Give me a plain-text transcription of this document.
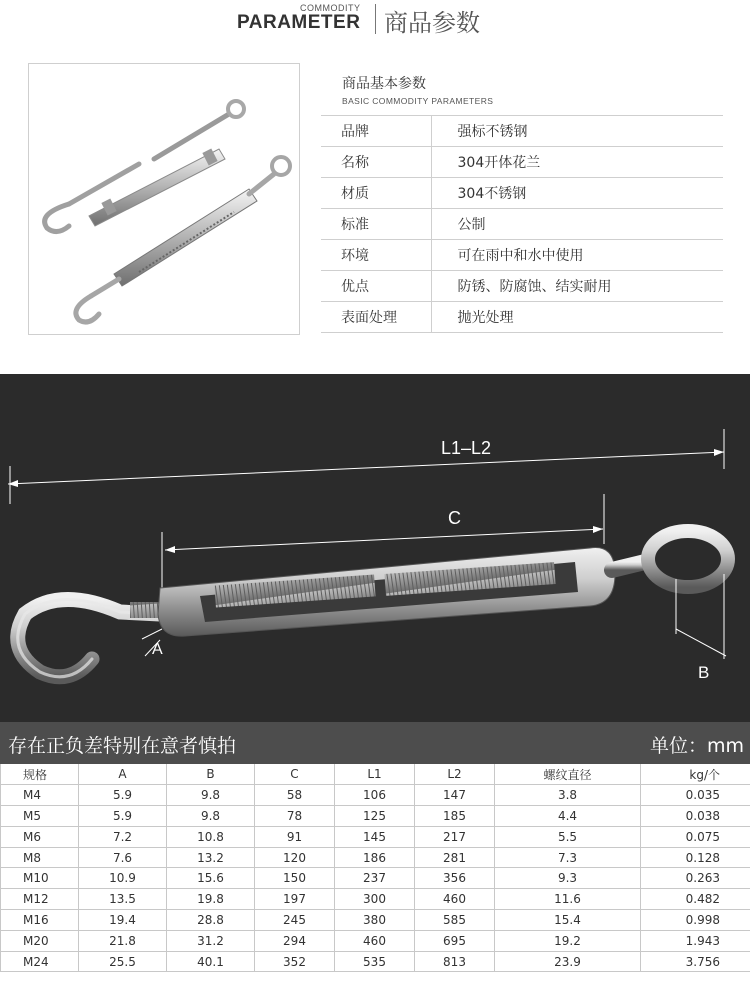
COMMODITY
PARAMETER 商品参数
商品基本参数
BASIC COMMODITY PARAMETERS
品牌	强标不锈钢
名称	304开体花兰
材质	304不锈钢
标准	公制
环境	可在雨中和水中使用
优点	防锈、防腐蚀、结实耐用
表面处理	抛光处理
L1–L2
C
A
B
存在正负差特别在意者慎拍	单位：mm
规格	A	B	C	L1	L2	螺纹直径	kg/个
M4	5.9	9.8	58	106	147	3.8	0.035
M5	5.9	9.8	78	125	185	4.4	0.038
M6	7.2	10.8	91	145	217	5.5	0.075
M8	7.6	13.2	120	186	281	7.3	0.128
M10	10.9	15.6	150	237	356	9.3	0.263
M12	13.5	19.8	197	300	460	11.6	0.482
M16	19.4	28.8	245	380	585	15.4	0.998
M20	21.8	31.2	294	460	695	19.2	1.943
M24	25.5	40.1	352	535	813	23.9	3.756
